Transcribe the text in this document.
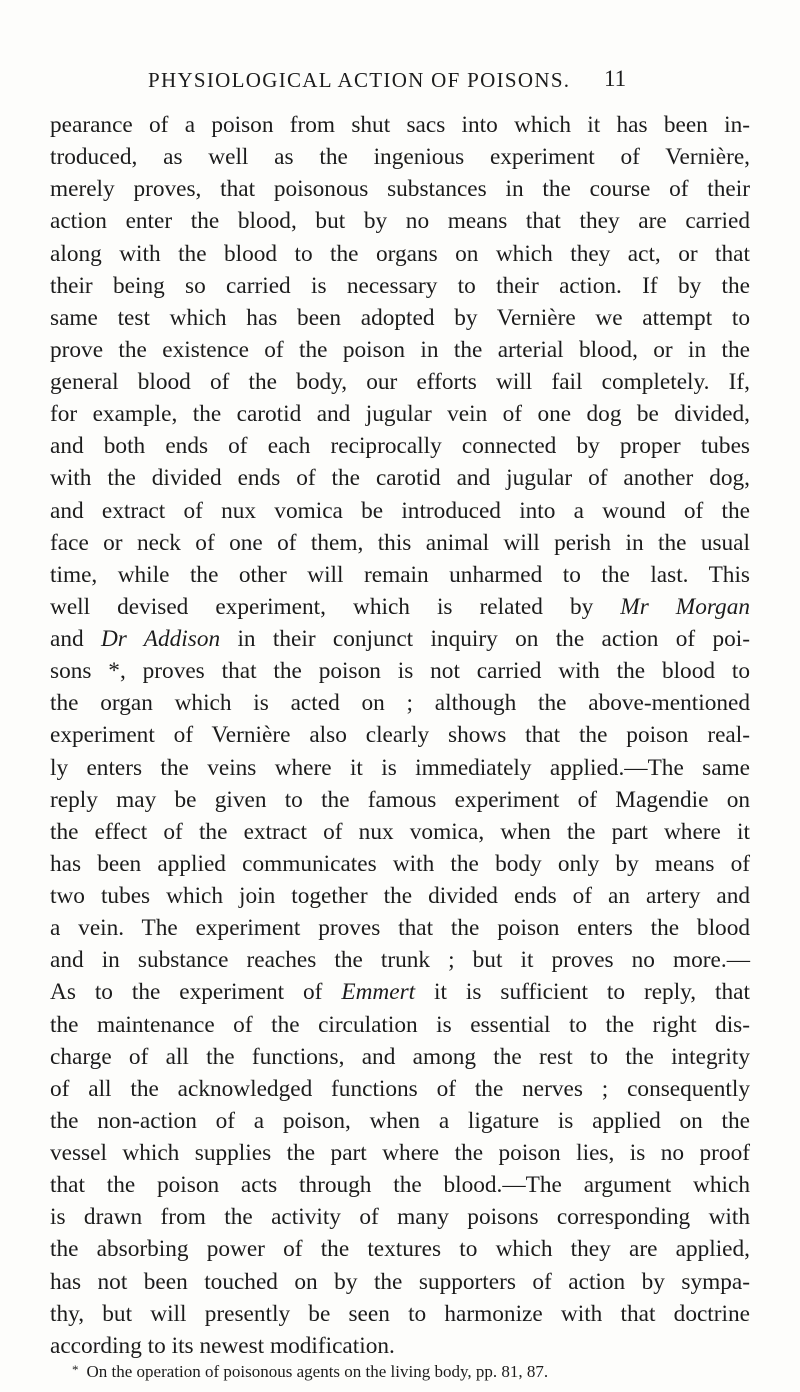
PHYSIOLOGICAL ACTION OF POISONS.	11
pearance of a poison from shut sacs into which it has been in-
troduced, as well as the ingenious experiment of Vernière,
merely proves, that poisonous substances in the course of their
action enter the blood, but by no means that they are carried
along with the blood to the organs on which they act, or that
their being so carried is necessary to their action. If by the
same test which has been adopted by Vernière we attempt to
prove the existence of the poison in the arterial blood, or in the
general blood of the body, our efforts will fail completely. If,
for example, the carotid and jugular vein of one dog be divided,
and both ends of each reciprocally connected by proper tubes
with the divided ends of the carotid and jugular of another dog,
and extract of nux vomica be introduced into a wound of the
face or neck of one of them, this animal will perish in the usual
time, while the other will remain unharmed to the last. This
well devised experiment, which is related by Mr Morgan
and Dr Addison in their conjunct inquiry on the action of poi-
sons *, proves that the poison is not carried with the blood to
the organ which is acted on ; although the above-mentioned
experiment of Vernière also clearly shows that the poison real-
ly enters the veins where it is immediately applied.—The same
reply may be given to the famous experiment of Magendie on
the effect of the extract of nux vomica, when the part where it
has been applied communicates with the body only by means of
two tubes which join together the divided ends of an artery and
a vein. The experiment proves that the poison enters the blood
and in substance reaches the trunk ; but it proves no more.—
As to the experiment of Emmert it is sufficient to reply, that
the maintenance of the circulation is essential to the right dis-
charge of all the functions, and among the rest to the integrity
of all the acknowledged functions of the nerves ; consequently
the non-action of a poison, when a ligature is applied on the
vessel which supplies the part where the poison lies, is no proof
that the poison acts through the blood.—The argument which
is drawn from the activity of many poisons corresponding with
the absorbing power of the textures to which they are applied,
has not been touched on by the supporters of action by sympa-
thy, but will presently be seen to harmonize with that doctrine
according to its newest modification.
* On the operation of poisonous agents on the living body, pp. 81, 87.
